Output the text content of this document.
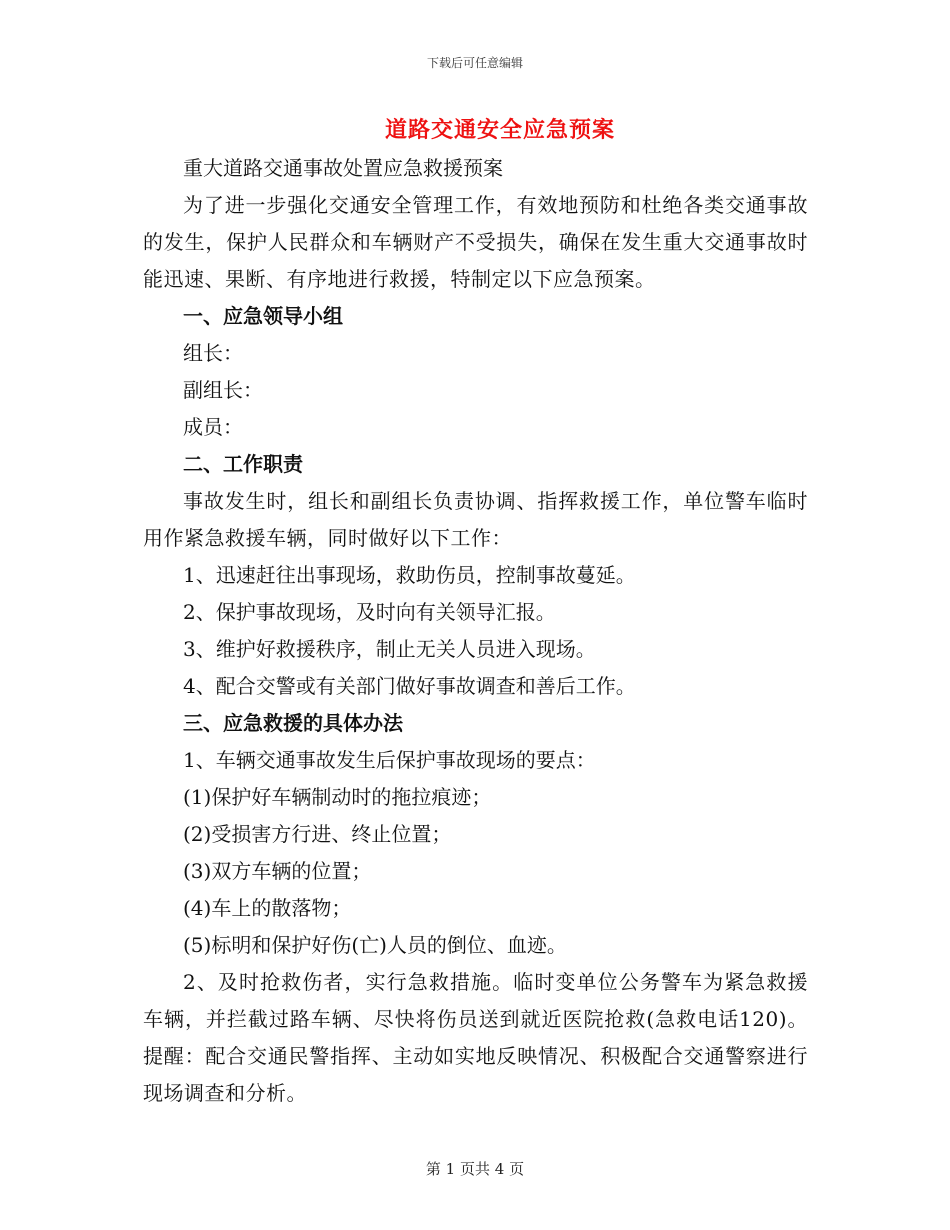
下载后可任意编辑
道路交通安全应急预案

重大道路交通事故处置应急救援预案

为了进一步强化交通安全管理工作，有效地预防和杜绝各类交通事故的发生，保护人民群众和车辆财产不受损失，确保在发生重大交通事故时能迅速、果断、有序地进行救援，特制定以下应急预案。

一、应急领导小组

组长：

副组长：

成员：

二、工作职责

事故发生时，组长和副组长负责协调、指挥救援工作，单位警车临时用作紧急救援车辆，同时做好以下工作：

1、迅速赶往出事现场，救助伤员，控制事故蔓延。

2、保护事故现场，及时向有关领导汇报。

3、维护好救援秩序，制止无关人员进入现场。

4、配合交警或有关部门做好事故调查和善后工作。

三、应急救援的具体办法

1、车辆交通事故发生后保护事故现场的要点：

(1)保护好车辆制动时的拖拉痕迹；

(2)受损害方行进、终止位置；

(3)双方车辆的位置；

(4)车上的散落物；

(5)标明和保护好伤(亡)人员的倒位、血迹。

2、及时抢救伤者，实行急救措施。临时变单位公务警车为紧急救援车辆，并拦截过路车辆、尽快将伤员送到就近医院抢救(急救电话120)。提醒：配合交通民警指挥、主动如实地反映情况、积极配合交通警察进行现场调查和分析。

第 1 页共 4 页
